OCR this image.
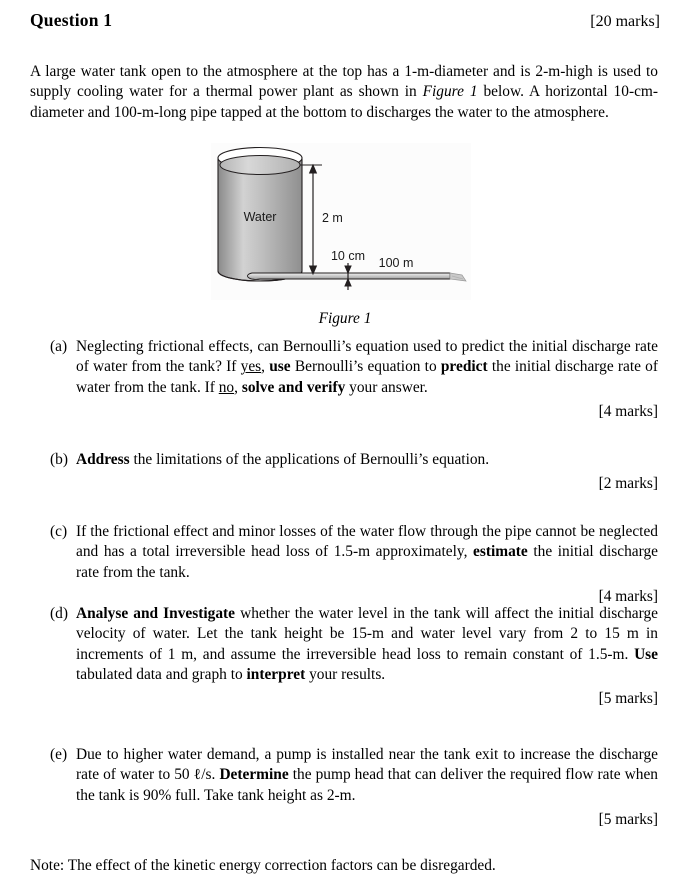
Question 1	[20 marks]
A large water tank open to the atmosphere at the top has a 1-m-diameter and is 2-m-high is used to supply cooling water for a thermal power plant as shown in Figure 1 below. A horizontal 10-cm-diameter and 100-m-long pipe tapped at the bottom to discharges the water to the atmosphere.
Water	2 m
10 cm 100 m
Figure 1
(a) Neglecting frictional effects, can Bernoulli’s equation used to predict the initial discharge rate of water from the tank? If yes, use Bernoulli’s equation to predict the initial discharge rate of water from the tank. If no, solve and verify your answer.
[4 marks]
(b) Address the limitations of the applications of Bernoulli’s equation.
[2 marks]
(c) If the frictional effect and minor losses of the water flow through the pipe cannot be neglected and has a total irreversible head loss of 1.5-m approximately, estimate the initial discharge rate from the tank.
[4 marks]
(d) Analyse and Investigate whether the water level in the tank will affect the initial discharge velocity of water. Let the tank height be 15-m and water level vary from 2 to 15 m in increments of 1 m, and assume the irreversible head loss to remain constant of 1.5-m. Use tabulated data and graph to interpret your results.
[5 marks]
(e) Due to higher water demand, a pump is installed near the tank exit to increase the discharge rate of water to 50 ℓ/s. Determine the pump head that can deliver the required flow rate when the tank is 90% full. Take tank height as 2-m.
[5 marks]
Note: The effect of the kinetic energy correction factors can be disregarded.
